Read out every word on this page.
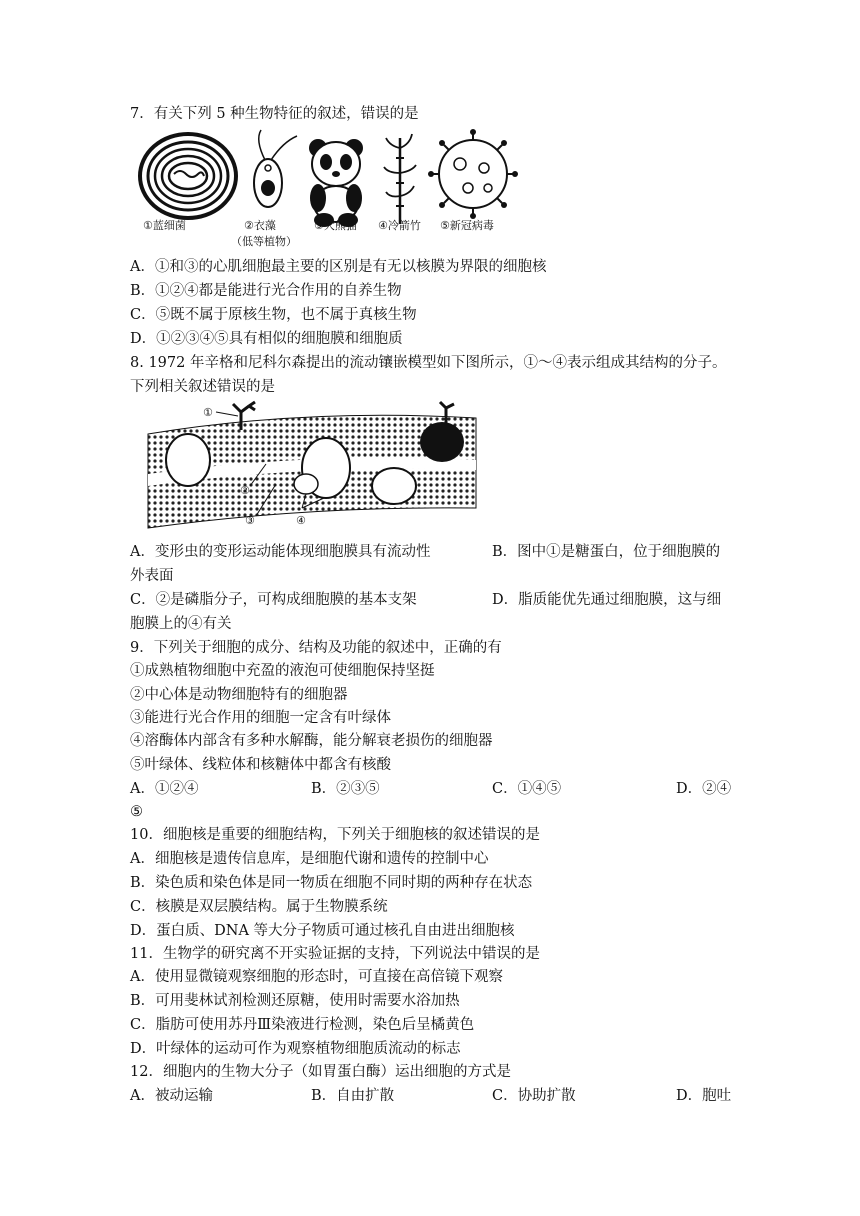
7．有关下列 5 种生物特征的叙述，错误的是
①蓝细菌	②衣藻
（低等植物）
③大熊猫 ④冷箭竹 ⑤新冠病毒
A．①和③的心肌细胞最主要的区别是有无以核膜为界限的细胞核
B．①②④都是能进行光合作用的自养生物
C．⑤既不属于原核生物，也不属于真核生物
D．①②③④⑤具有相似的细胞膜和细胞质
8. 1972 年辛格和尼科尔森提出的流动镶嵌模型如下图所示，①～④表示组成其结构的分子。
下列相关叙述错误的是
①
②
③	④
A．变形虫的变形运动能体现细胞膜具有流动性	B．图中①是糖蛋白，位于细胞膜的
外表面
C．②是磷脂分子，可构成细胞膜的基本支架	D．脂质能优先通过细胞膜，这与细
胞膜上的④有关
9．下列关于细胞的成分、结构及功能的叙述中，正确的有
①成熟植物细胞中充盈的液泡可使细胞保持坚挺
②中心体是动物细胞特有的细胞器
③能进行光合作用的细胞一定含有叶绿体
④溶酶体内部含有多种水解酶，能分解衰老损伤的细胞器
⑤叶绿体、线粒体和核糖体中都含有核酸
A．①②④	B．②③⑤	C．①④⑤	D．②④
⑤
10．细胞核是重要的细胞结构，下列关于细胞核的叙述错误的是
A．细胞核是遗传信息库，是细胞代谢和遗传的控制中心
B．染色质和染色体是同一物质在细胞不同时期的两种存在状态
C．核膜是双层膜结构。属于生物膜系统
D．蛋白质、DNA 等大分子物质可通过核孔自由进出细胞核
11．生物学的研究离不开实验证据的支持，下列说法中错误的是
A．使用显微镜观察细胞的形态时，可直接在高倍镜下观察
B．可用斐林试剂检测还原糖，使用时需要水浴加热
C．脂肪可使用苏丹Ⅲ染液进行检测，染色后呈橘黄色
D．叶绿体的运动可作为观察植物细胞质流动的标志
12．细胞内的生物大分子（如胃蛋白酶）运出细胞的方式是
A．被动运输	B．自由扩散	C．协助扩散	D．胞吐
